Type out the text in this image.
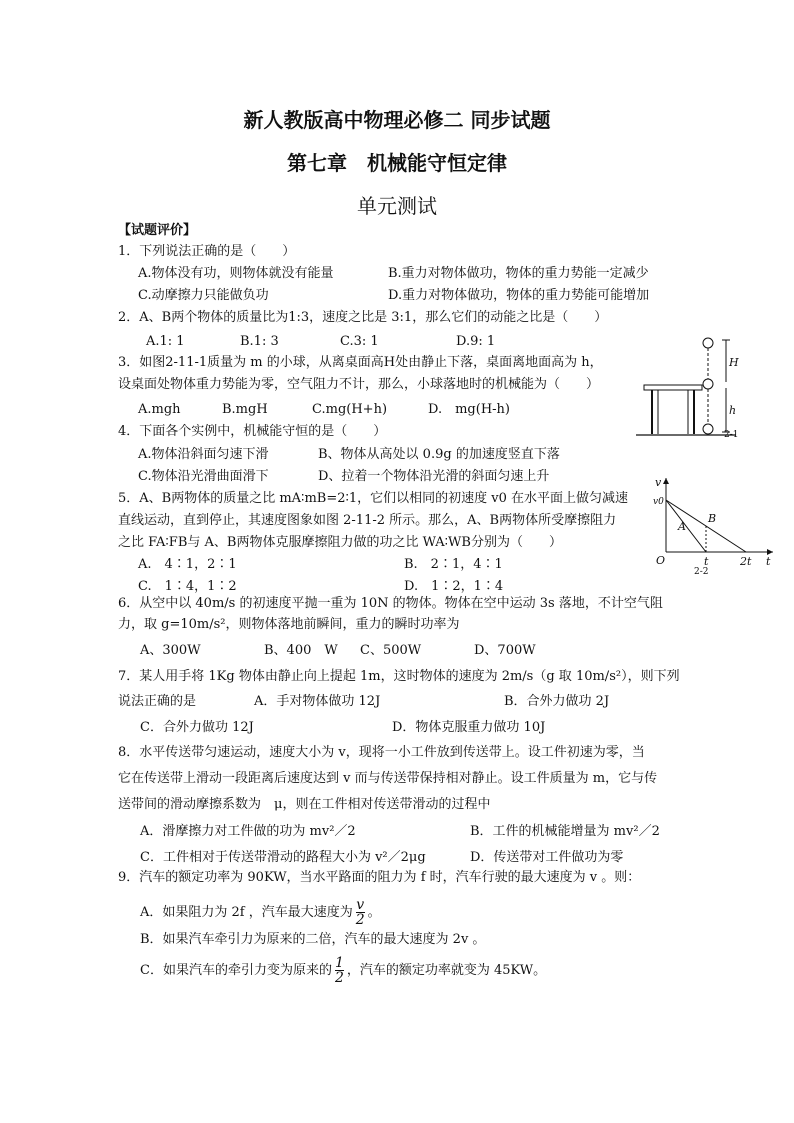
新人教版高中物理必修二 同步试题
第七章　机械能守恒定律
单元测试
【试题评价】
1．下列说法正确的是（　　）
A.物体没有功，则物体就没有能量	B.重力对物体做功，物体的重力势能一定减少
C.动摩擦力只能做负功	D.重力对物体做功，物体的重力势能可能增加
2．A、B两个物体的质量比为1:3，速度之比是 3:1，那么它们的动能之比是（　　）
A.1: 1	B.1: 3	C.3: 1	D.9: 1
3．如图2-11-1质量为 m 的小球，从离桌面高H处由静止下落，桌面离地面高为 h，
设桌面处物体重力势能为零，空气阻力不计，那么，小球落地时的机械能为（　　）
A.mgh	B.mgH	C.mg(H+h)	D.　mg(H-h)
H
h
2-1
4．下面各个实例中，机械能守恒的是（　　）
A.物体沿斜面匀速下滑	B、物体从高处以 0.9g 的加速度竖直下落
C.物体沿光滑曲面滑下	D、拉着一个物体沿光滑的斜面匀速上升
5．A、B两物体的质量之比 mA∶mB=2∶1，它们以相同的初速度 v0 在水平面上做匀减速
直线运动，直到停止，其速度图象如图 2-11-2 所示。那么，A、B两物体所受摩擦阻力
之比 FA∶FB与 A、B两物体克服摩擦阻力做的功之比 WA∶WB分别为（　　）
A.　4∶1，2∶1	B.　2∶1，4∶1
C.　1∶4，1∶2	D.　1∶2，1∶4
v
v0
A
B
O	t	2t t
2-2
6．从空中以 40m/s 的初速度平抛一重为 10N 的物体。物体在空中运动 3s 落地，不计空气阻
力，取 g=10m/s²，则物体落地前瞬间，重力的瞬时功率为
A、300W	B、400　W C、500W	D、700W
7．某人用手将 1Kg 物体由静止向上提起 1m，这时物体的速度为 2m/s（g 取 10m/s²），则下列
说法正确的是	A．手对物体做功 12J	B．合外力做功 2J
C．合外力做功 12J	D．物体克服重力做功 10J
8．水平传送带匀速运动，速度大小为 v，现将一小工件放到传送带上。设工件初速为零，当
它在传送带上滑动一段距离后速度达到 v 而与传送带保持相对静止。设工件质量为 m，它与传
送带间的滑动摩擦系数为　μ，则在工件相对传送带滑动的过程中
A．滑摩擦力对工件做的功为 mv²／2	B．工件的机械能增量为 mv²／2
C．工件相对于传送带滑动的路程大小为 v²／2μg	D．传送带对工件做功为零
9．汽车的额定功率为 90KW，当水平路面的阻力为 f 时，汽车行驶的最大速度为 v 。则：
A．如果阻力为 2f ，汽车最大速度为 $\frac{v}{2}$ 。
B．如果汽车牵引力为原来的二倍，汽车的最大速度为 2v 。
C．如果汽车的牵引力变为原来的 $\frac{1}{2}$ ，汽车的额定功率就变为 45KW。
